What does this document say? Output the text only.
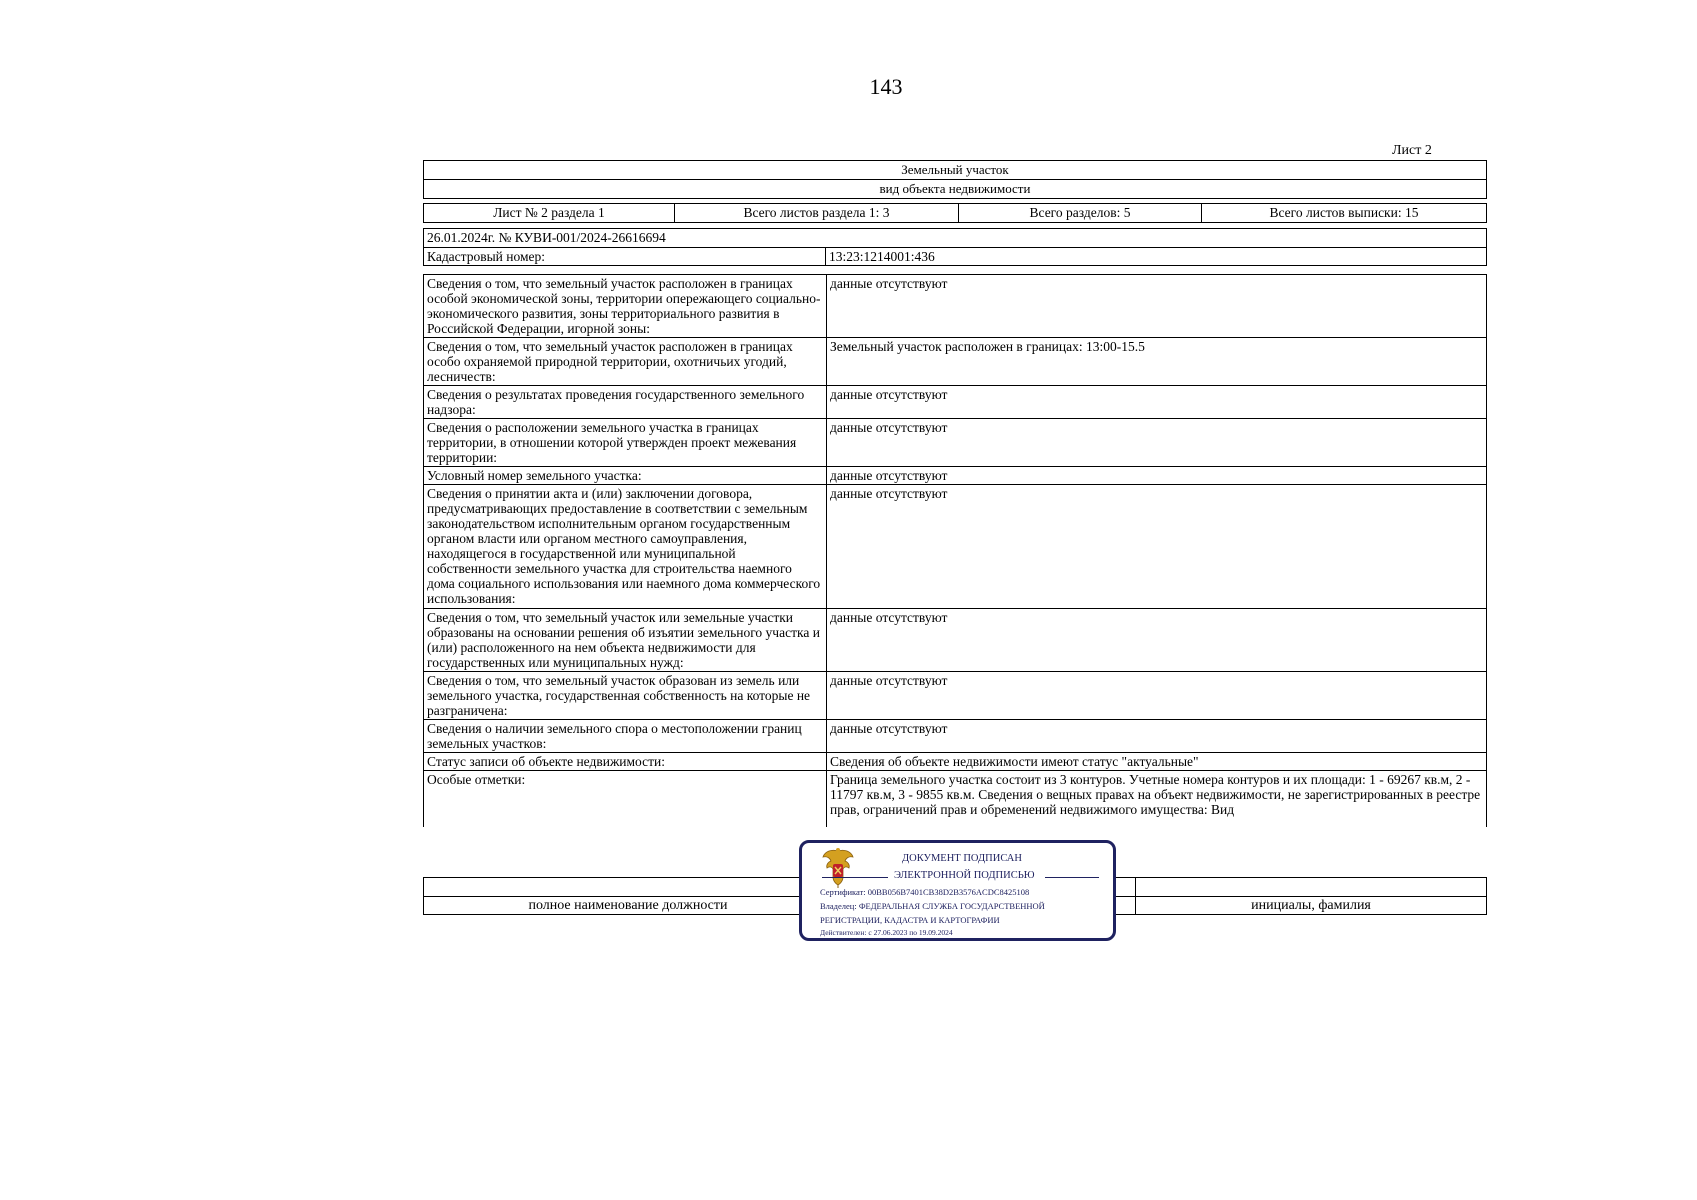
143
Лист 2
Земельный участок
вид объекта недвижимости
Лист № 2 раздела 1	Всего листов раздела 1: 3	Всего разделов: 5	Всего листов выписки: 15
26.01.2024г. № КУВИ-001/2024-26616694
Кадастровый номер:	13:23:1214001:436
Сведения о том, что земельный участок расположен в границах особой экономической зоны, территории опережающего социально-экономического развития, зоны территориального развития в Российской Федерации, игорной зоны:	данные отсутствуют
Сведения о том, что земельный участок расположен в границах особо охраняемой природной территории, охотничьих угодий, лесничеств:	Земельный участок расположен в границах: 13:00-15.5
Сведения о результатах проведения государственного земельного надзора:	данные отсутствуют
Сведения о расположении земельного участка в границах территории, в отношении которой утвержден проект межевания территории:	данные отсутствуют
Условный номер земельного участка:	данные отсутствуют
Сведения о принятии акта и (или) заключении договора, предусматривающих предоставление в соответствии с земельным законодательством исполнительным органом государственным органом власти или органом местного самоуправления, находящегося в государственной или муниципальной собственности земельного участка для строительства наемного дома социального использования или наемного дома коммерческого использования:	данные отсутствуют
Сведения о том, что земельный участок или земельные участки образованы на основании решения об изъятии земельного участка и (или) расположенного на нем объекта недвижимости для государственных или муниципальных нужд:	данные отсутствуют
Сведения о том, что земельный участок образован из земель или земельного участка, государственная собственность на которые не разграничена:	данные отсутствуют
Сведения о наличии земельного спора о местоположении границ земельных участков:	данные отсутствуют
Статус записи об объекте недвижимости:	Сведения об объекте недвижимости имеют статус "актуальные"
Особые отметки:	Граница земельного участка состоит из 3 контуров. Учетные номера контуров и их площади: 1 - 69267 кв.м, 2 - 11797 кв.м, 3 - 9855 кв.м. Сведения о вещных правах на объект недвижимости, не зарегистрированных в реестре прав, ограничений прав и обременений недвижимого имущества: Вид
полное наименование должности	инициалы, фамилия
ДОКУМЕНТ ПОДПИСАН
ЭЛЕКТРОННОЙ ПОДПИСЬЮ
Сертификат: 00BB056B7401CB38D2B3576ACDC8425108
Владелец: ФЕДЕРАЛЬНАЯ СЛУЖБА ГОСУДАРСТВЕННОЙ
РЕГИСТРАЦИИ, КАДАСТРА И КАРТОГРАФИИ
Действителен: с 27.06.2023 по 19.09.2024
